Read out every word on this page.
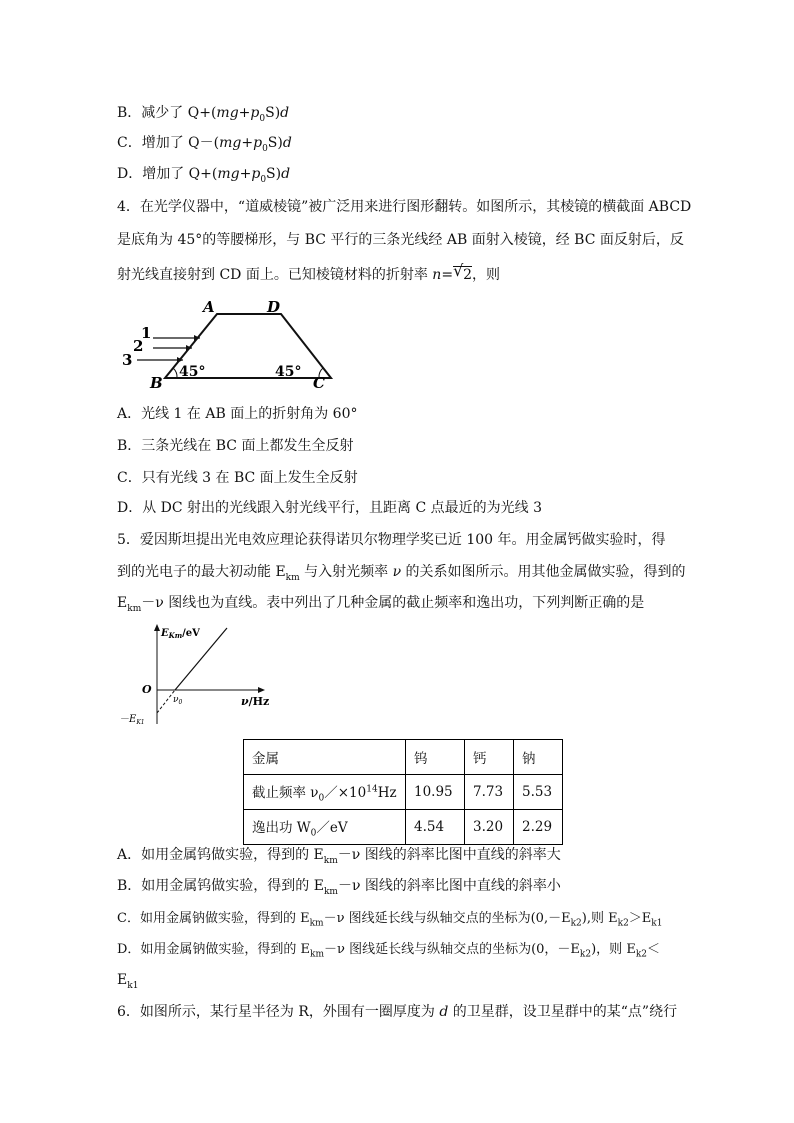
B．减少了 $Q+(mg+p_0S)d$
C．增加了 $Q-(mg+p_0S)d$
D．增加了 $Q+(mg+p_0S)d$
4．在光学仪器中，“道威棱镜”被广泛用来进行图形翻转。如图所示，其棱镜的横截面 ABCD
是底角为 45°的等腰梯形，与 BC 平行的三条光线经 AB 面射入棱镜，经 BC 面反射后，反
射光线直接射到 CD 面上。已知棱镜材料的折射率 n= √ 2，则
1
2
3
A	D
B	C
45°	45°
A．光线 1 在 AB 面上的折射角为 60°
B．三条光线在 BC 面上都发生全反射
C．只有光线 3 在 BC 面上发生全反射
D．从 DC 射出的光线跟入射光线平行，且距离 C 点最近的为光线 3
5．爱因斯坦提出光电效应理论获得诺贝尔物理学奖已近 100 年。用金属钙做实验时，得
到的光电子的最大初动能 $E_{km}$ 与入射光频率 ν 的关系如图所示。用其他金属做实验，得到的
$E_{km}-\nu$ 图线也为直线。表中列出了几种金属的截止频率和逸出功，下列判断正确的是
$E_{Km}/eV$
O
$\nu_0$	ν/Hz
$-E_{K1}$
金属	钨	钙	钠
截止频率 $\nu_0/\times 10^{14}Hz$	10.95	7.73	5.53
逸出功 $W_0/eV$	4.54	3.20	2.29
A．如用金属钨做实验，得到的 $E_{km}-\nu$ 图线的斜率比图中直线的斜率大
B．如用金属钨做实验，得到的 $E_{km}-\nu$ 图线的斜率比图中直线的斜率小
C．如用金属钠做实验，得到的 $E_{km}-\nu$ 图线延长线与纵轴交点的坐标为$(0,-E_{k2})$,则 $E_{k2}>E_{k1}$
D．如用金属钠做实验，得到的 $E_{km}-\nu$ 图线延长线与纵轴交点的坐标为(0，$-E_{k2}$)，则 $E_{k2}<$
$E_{k1}$
6．如图所示，某行星半径为 R，外围有一圈厚度为 d 的卫星群，设卫星群中的某“点”绕行
